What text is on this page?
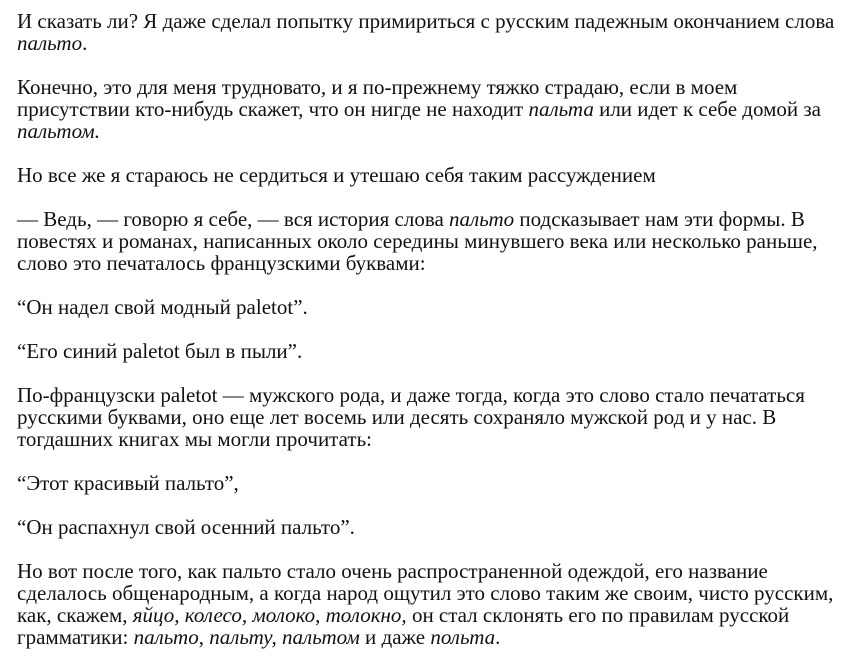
И сказать ли? Я даже сделал попытку примириться с русским падежным окончанием слова пальто.

Конечно, это для меня трудновато, и я по-прежнему тяжко страдаю, если в моем присутствии кто-нибудь скажет, что он нигде не находит пальта или идет к себе домой за пальтом.

Но все же я стараюсь не сердиться и утешаю себя таким рассуждением

— Ведь, — говорю я себе, — вся история слова пальто подсказывает нам эти формы. В повестях и романах, написанных около середины минувшего века или несколько раньше, слово это печаталось французскими буквами:

“Он надел свой модный paletot”.

“Его синий paletot был в пыли”.

По-французски paletot — мужского рода, и даже тогда, когда это слово стало печататься русскими буквами, оно еще лет восемь или десять сохраняло мужской род и у нас. В тогдашних книгах мы могли прочитать:

“Этот красивый пальто”,

“Он распахнул свой осенний пальто”.

Но вот после того, как пальто стало очень распространенной одеждой, его название сделалось общенародным, а когда народ ощутил это слово таким же своим, чисто русским, как, скажем, яйцо, колесо, молоко, толокно, он стал склонять его по правилам русской грамматики: пальто, пальту, пальтом и даже польта.
